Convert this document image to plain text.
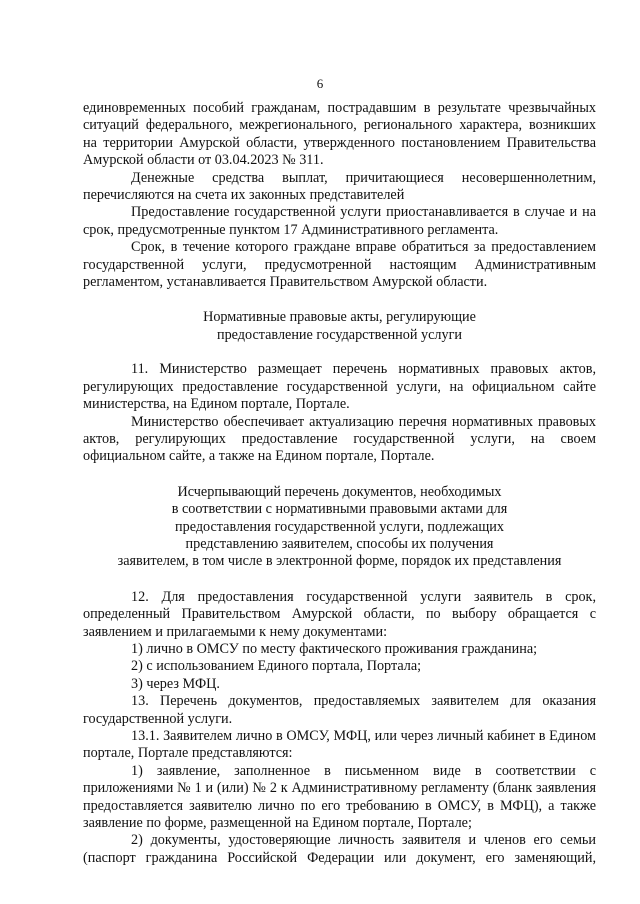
6

единовременных пособий гражданам, пострадавшим в результате чрезвычайных ситуаций федерального, межрегионального, регионального характера, возникших на территории Амурской области, утвержденного постановлением Правительства Амурской области от 03.04.2023 № 311.

Денежные средства выплат, причитающиеся несовершеннолетним, перечисляются на счета их законных представителей

Предоставление государственной услуги приостанавливается в случае и на срок, предусмотренные пунктом 17 Административного регламента.

Срок, в течение которого граждане вправе обратиться за предоставлением государственной услуги, предусмотренной настоящим Административным регламентом, устанавливается Правительством Амурской области.

Нормативные правовые акты, регулирующие
предоставление государственной услуги

11. Министерство размещает перечень нормативных правовых актов, регулирующих предоставление государственной услуги, на официальном сайте министерства, на Едином портале, Портале.

Министерство обеспечивает актуализацию перечня нормативных правовых актов, регулирующих предоставление государственной услуги, на своем официальном сайте, а также на Едином портале, Портале.

Исчерпывающий перечень документов, необходимых
в соответствии с нормативными правовыми актами для
предоставления государственной услуги, подлежащих
представлению заявителем, способы их получения
заявителем, в том числе в электронной форме, порядок их представления

12. Для предоставления государственной услуги заявитель в срок, определенный Правительством Амурской области, по выбору обращается с заявлением и прилагаемыми к нему документами:

1) лично в ОМСУ по месту фактического проживания гражданина;

2) с использованием Единого портала, Портала;

3) через МФЦ.

13. Перечень документов, предоставляемых заявителем для оказания государственной услуги.

13.1. Заявителем лично в ОМСУ, МФЦ, или через личный кабинет в Едином портале, Портале представляются:

1) заявление, заполненное в письменном виде в соответствии с приложениями № 1 и (или) № 2 к Административному регламенту (бланк заявления предоставляется заявителю лично по его требованию в ОМСУ, в МФЦ), а также заявление по форме, размещенной на Едином портале, Портале;

2) документы, удостоверяющие личность заявителя и членов его семьи (паспорт гражданина Российской Федерации или документ, его заменяющий,
